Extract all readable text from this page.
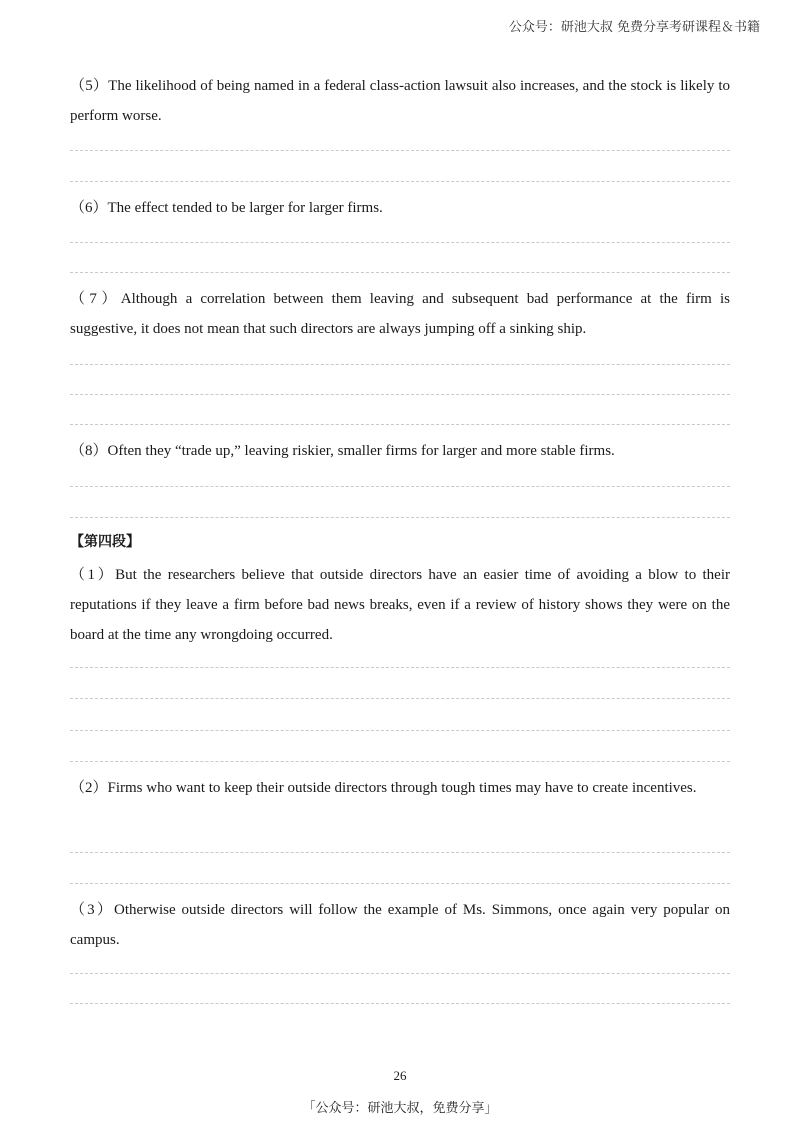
公众号：研池大叔 免费分享考研课程＆书籍
（5）The likelihood of being named in a federal class-action lawsuit also increases, and the stock is likely to perform worse.
（6）The effect tended to be larger for larger firms.
（7）Although a correlation between them leaving and subsequent bad performance at the firm is suggestive, it does not mean that such directors are always jumping off a sinking ship.
（8）Often they “trade up,” leaving riskier, smaller firms for larger and more stable firms.
【第四段】
（1）But the researchers believe that outside directors have an easier time of avoiding a blow to their reputations if they leave a firm before bad news breaks, even if a review of history shows they were on the board at the time any wrongdoing occurred.
（2）Firms who want to keep their outside directors through tough times may have to create incentives.
（3）Otherwise outside directors will follow the example of Ms. Simmons, once again very popular on campus.
26
「公众号：研池大叔，免费分享」
